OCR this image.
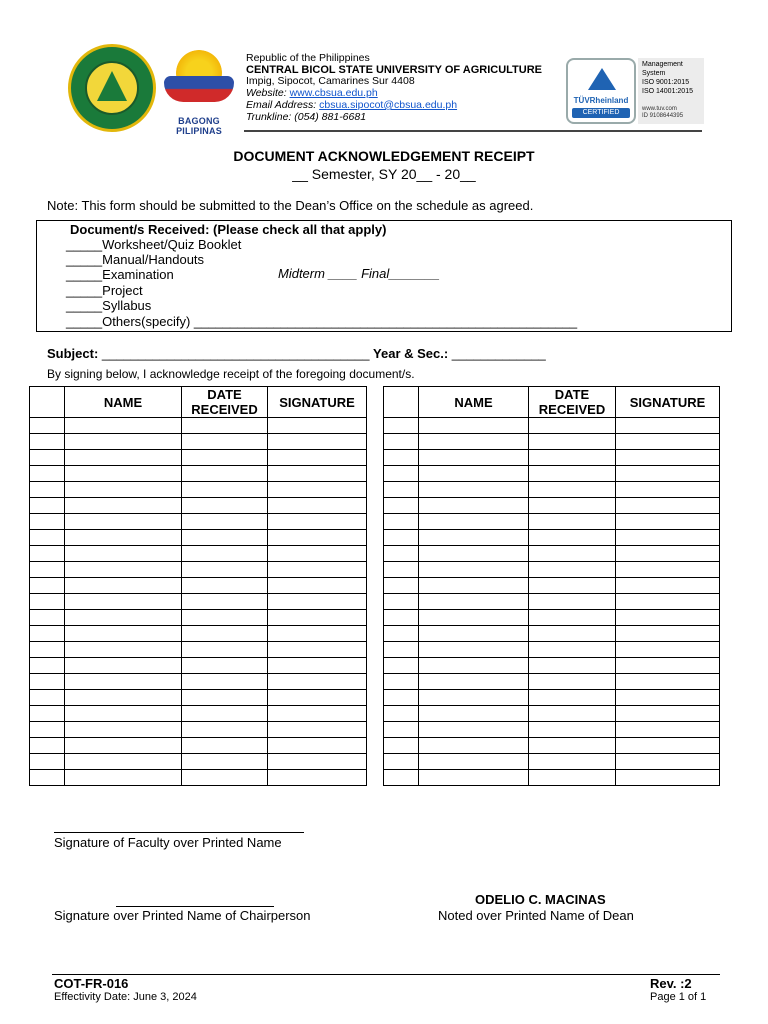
BAGONG PILIPINAS
Republic of the Philippines
CENTRAL BICOL STATE UNIVERSITY OF AGRICULTURE
Impig, Sipocot, Camarines Sur 4408
Website: www.cbsua.edu.ph
Email Address: cbsua.sipocot@cbsua.edu.ph
Trunkline: (054) 881-6681
TÜVRheinland
CERTIFIED
Management
System
ISO 9001:2015
ISO 14001:2015
www.tuv.com
ID 9108644395
DOCUMENT ACKNOWLEDGEMENT RECEIPT
__ Semester, SY 20__ - 20__
Note: This form should be submitted to the Dean’s Office on the schedule as agreed.
Document/s Received: (Please check all that apply)
_____Worksheet/Quiz Booklet
_____Manual/Handouts
_____Examination	Midterm ____ Final_______
_____Project
_____Syllabus
_____Others(specify) _____________________________________________________
Subject: _____________________________________ Year & Sec.: _____________
By signing below, I acknowledge receipt of the foregoing document/s.
	NAME	DATE RECEIVED	SIGNATURE

		NAME	DATE RECEIVED	SIGNATURE

Signature of Faculty over Printed Name
Signature over Printed Name of Chairperson
ODELIO C. MACINAS
Noted over Printed Name of Dean
COT-FR-016
Effectivity Date: June 3, 2024
Rev. :2
Page 1 of 1
